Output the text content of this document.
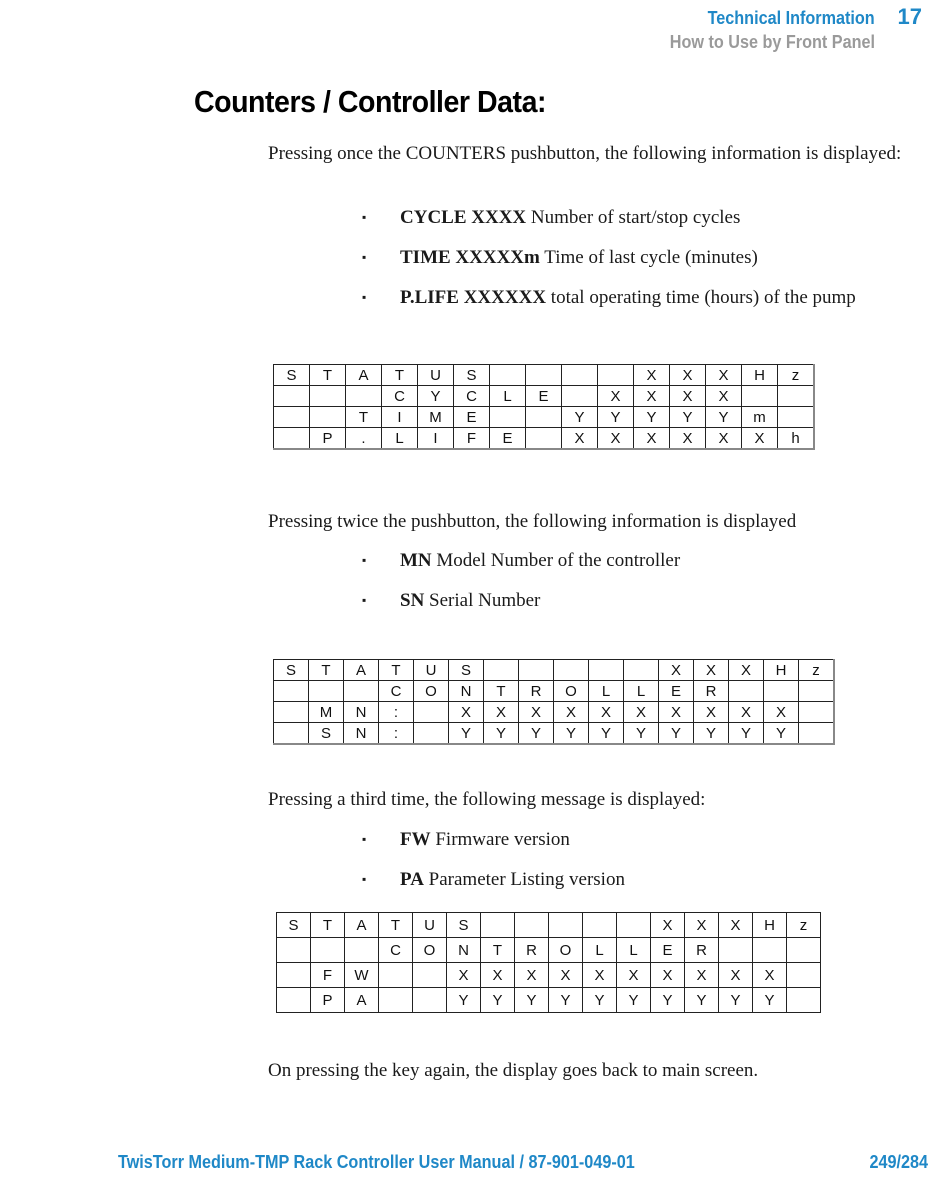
Technical Information 17
How to Use by Front Panel
Counters / Controller Data:

Pressing once the COUNTERS pushbutton, the following information is displayed:

▪ CYCLE XXXX Number of start/stop cycles
▪ TIME XXXXXm Time of last cycle (minutes)
▪ P.LIFE XXXXXX total operating time (hours) of the pump
S	T	A	T	U	S					X	X	X	H	z
			C	Y	C	L	E		X	X	X	X		
		T	I	M	E			Y	Y	Y	Y	Y	m	
	P	.	L	I	F	E		X	X	X	X	X	X	h

Pressing twice the pushbutton, the following information is displayed

▪ MN Model Number of the controller
▪ SN Serial Number
S	T	A	T	U	S						X	X	X	H	z
			C	O	N	T	R	O	L	L	E	R			
	M	N	:		X	X	X	X	X	X	X	X	X	X	
	S	N	:		Y	Y	Y	Y	Y	Y	Y	Y	Y	Y	

Pressing a third time, the following message is displayed:

▪ FW Firmware version
▪ PA Parameter Listing version
S	T	A	T	U	S						X	X	X	H	z
			C	O	N	T	R	O	L	L	E	R			
	F	W			X	X	X	X	X	X	X	X	X	X	
	P	A			Y	Y	Y	Y	Y	Y	Y	Y	Y	Y	

On pressing the key again, the display goes back to main screen.

TwisTorr Medium-TMP Rack Controller User Manual / 87-901-049-01	249/284
